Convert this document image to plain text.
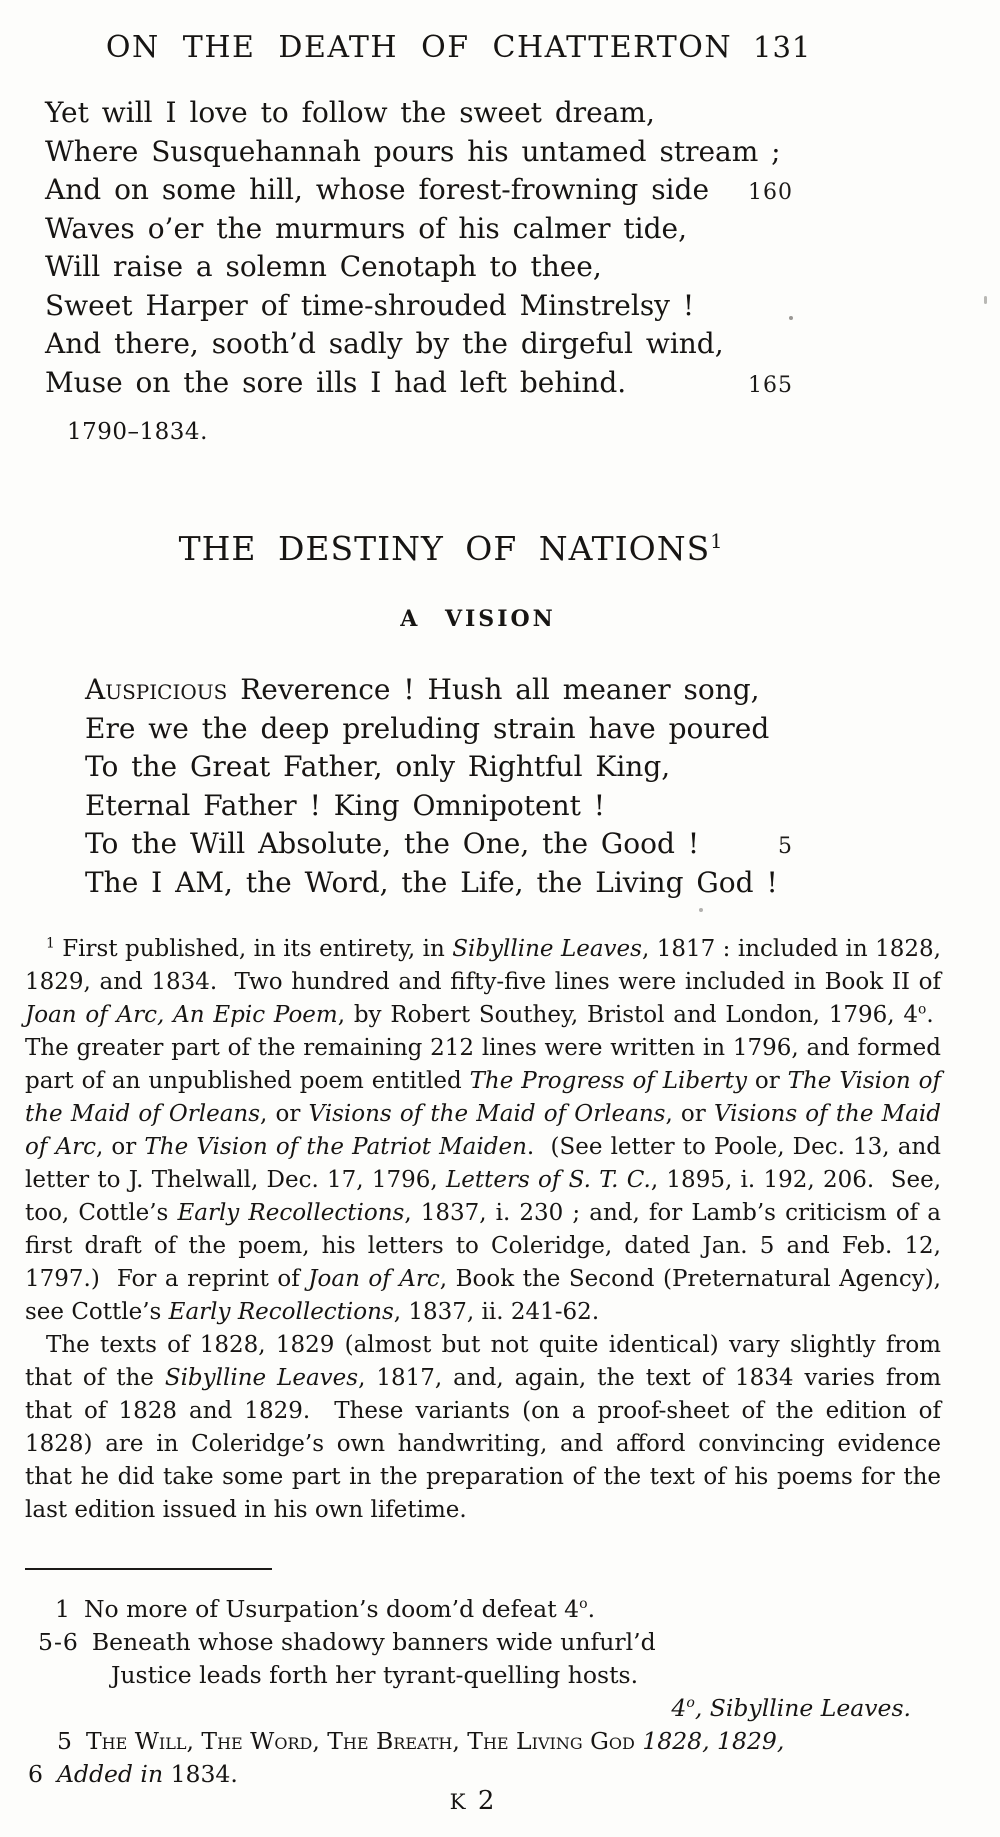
ON THE DEATH OF CHATTERTON 131
Yet will I love to follow the sweet dream,
Where Susquehannah pours his untamed stream ;
And on some hill, whose forest-frowning side 160
Waves o’er the murmurs of his calmer tide,
Will raise a solemn Cenotaph to thee,
Sweet Harper of time-shrouded Minstrelsy !
And there, sooth’d sadly by the dirgeful wind,
Muse on the sore ills I had left behind.	165
1790–1834.
THE DESTINY OF NATIONS$^1$
A VISION
Auspicious Reverence ! Hush all meaner song,
Ere we the deep preluding strain have poured
To the Great Father, only Rightful King,
Eternal Father ! King Omnipotent !
To the Will Absolute, the One, the Good !	5
The I AM, the Word, the Life, the Living God !

$^1$ First published, in its entirety, in Sibylline Leaves, 1817 : included in 1828, 1829, and 1834.  Two hundred and fifty-five lines were included in Book II of Joan of Arc, An Epic Poem, by Robert Southey, Bristol and London, 1796, 4$^o$.  The greater part of the remaining 212 lines were written in 1796, and formed part of an unpublished poem entitled The Progress of Liberty or The Vision of the Maid of Orleans, or Visions of the Maid of Orleans, or Visions of the Maid of Arc, or The Vision of the Patriot Maiden.  (See letter to Poole, Dec. 13, and letter to J. Thelwall, Dec. 17, 1796, Letters of S. T. C., 1895, i. 192, 206.  See, too, Cottle’s Early Recollections, 1837, i. 230 ; and, for Lamb’s criticism of a first draft of the poem, his letters to Coleridge, dated Jan. 5 and Feb. 12, 1797.)  For a reprint of Joan of Arc, Book the Second (Preternatural Agency), see Cottle’s Early Recollections, 1837, ii. 241-62.

The texts of 1828, 1829 (almost but not quite identical) vary slightly from that of the Sibylline Leaves, 1817, and, again, the text of 1834 varies from that of 1828 and 1829.  These variants (on a proof-sheet of the edition of 1828) are in Coleridge’s own handwriting, and afford convincing evidence that he did take some part in the preparation of the text of his poems for the last edition issued in his own lifetime.

1 No more of Usurpation’s doom’d defeat 4$^o$.
5-6 Beneath whose shadowy banners wide unfurl’d
Justice leads forth her tyrant-quelling hosts.
4$^o$, Sibylline Leaves.
5 The Will, The Word, The Breath, The Living God 1828, 1829,
6 Added in 1834.
K 2
